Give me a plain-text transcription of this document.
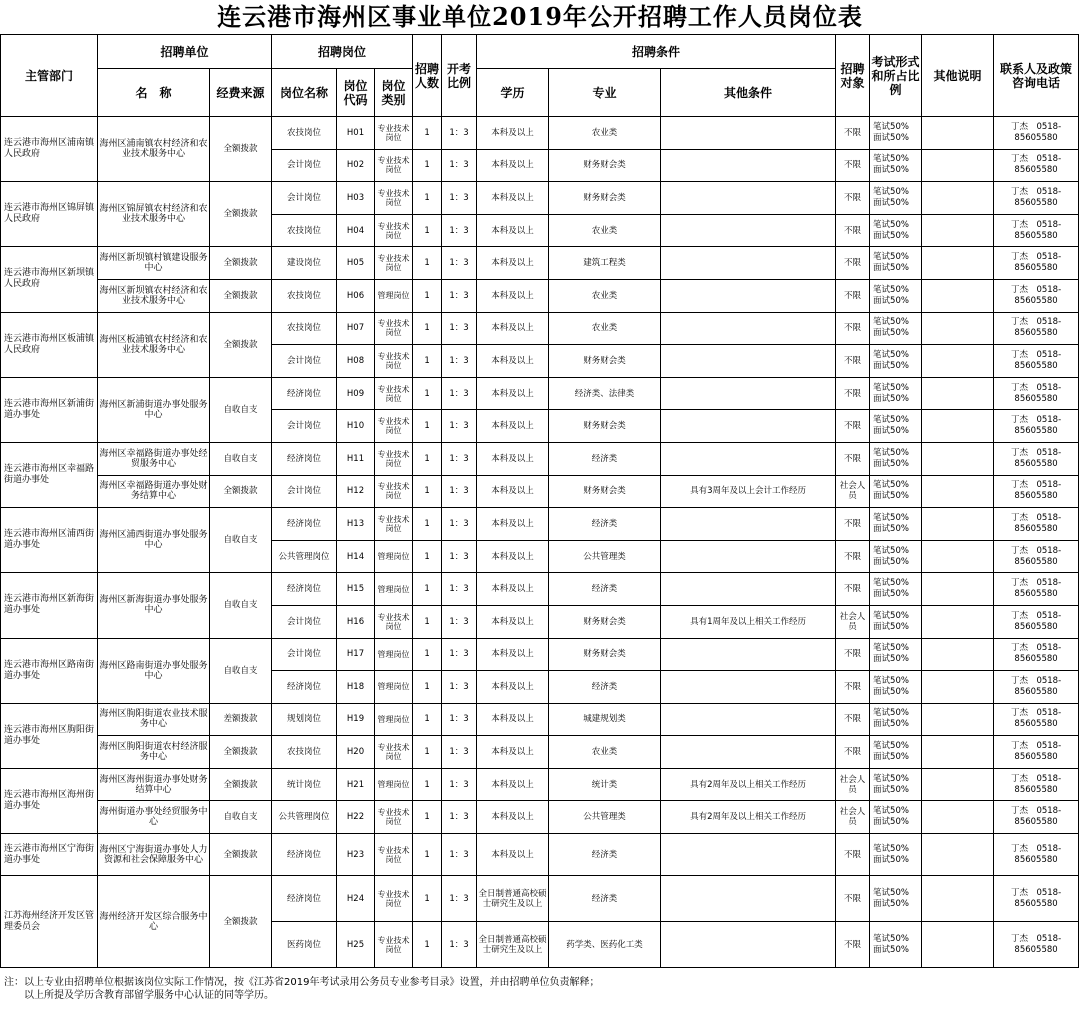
连云港市海州区事业单位2019年公开招聘工作人员岗位表
主管部门	招聘单位		招聘岗位			招聘人数	开考比例	招聘条件			招聘对象	考试形式和所占比例	其他说明	联系人及政策咨询电话
	名　称	经费来源	岗位名称	岗位代码	岗位类别			学历	专业	其他条件				
连云港市海州区浦南镇人民政府	海州区浦南镇农村经济和农业技术服务中心	全额拨款	农技岗位	H01	专业技术岗位	1	1：3	本科及以上	农业类		不限	笔试50%　面试50%		丁杰　0518-85605580
			会计岗位	H02	专业技术岗位	1	1：3	本科及以上	财务财会类		不限	笔试50%　面试50%		丁杰　0518-85605580
连云港市海州区锦屏镇人民政府	海州区锦屏镇农村经济和农业技术服务中心	全额拨款	会计岗位	H03	专业技术岗位	1	1：3	本科及以上	财务财会类		不限	笔试50%　面试50%		丁杰　0518-85605580
			农技岗位	H04	专业技术岗位	1	1：3	本科及以上	农业类		不限	笔试50%　面试50%		丁杰　0518-85605580
连云港市海州区新坝镇人民政府	海州区新坝镇村镇建设服务中心	全额拨款	建设岗位	H05	专业技术岗位	1	1：3	本科及以上	建筑工程类		不限	笔试50%　面试50%		丁杰　0518-85605580
	海州区新坝镇农村经济和农业技术服务中心	全额拨款	农技岗位	H06	管理岗位	1	1：3	本科及以上	农业类		不限	笔试50%　面试50%		丁杰　0518-85605580
连云港市海州区板浦镇人民政府	海州区板浦镇农村经济和农业技术服务中心	全额拨款	农技岗位	H07	专业技术岗位	1	1：3	本科及以上	农业类		不限	笔试50%　面试50%		丁杰　0518-85605580
			会计岗位	H08	专业技术岗位	1	1：3	本科及以上	财务财会类		不限	笔试50%　面试50%		丁杰　0518-85605580
连云港市海州区新浦街道办事处	海州区新浦街道办事处服务中心	自收自支	经济岗位	H09	专业技术岗位	1	1：3	本科及以上	经济类、法律类		不限	笔试50%　面试50%		丁杰　0518-85605580
			会计岗位	H10	专业技术岗位	1	1：3	本科及以上	财务财会类		不限	笔试50%　面试50%		丁杰　0518-85605580
连云港市海州区幸福路街道办事处	海州区幸福路街道办事处经贸服务中心	自收自支	经济岗位	H11	专业技术岗位	1	1：3	本科及以上	经济类		不限	笔试50%　面试50%		丁杰　0518-85605580
	海州区幸福路街道办事处财务结算中心	全额拨款	会计岗位	H12	专业技术岗位	1	1：3	本科及以上	财务财会类	具有3周年及以上会计工作经历	社会人员	笔试50%　面试50%		丁杰　0518-85605580
连云港市海州区浦西街道办事处	海州区浦西街道办事处服务中心	自收自支	经济岗位	H13	专业技术岗位	1	1：3	本科及以上	经济类		不限	笔试50%　面试50%		丁杰　0518-85605580
			公共管理岗位	H14	管理岗位	1	1：3	本科及以上	公共管理类		不限	笔试50%　面试50%		丁杰　0518-85605580
连云港市海州区新海街道办事处	海州区新海街道办事处服务中心	自收自支	经济岗位	H15	管理岗位	1	1：3	本科及以上	经济类		不限	笔试50%　面试50%		丁杰　0518-85605580
			会计岗位	H16	专业技术岗位	1	1：3	本科及以上	财务财会类	具有1周年及以上相关工作经历	社会人员	笔试50%　面试50%		丁杰　0518-85605580
连云港市海州区路南街道办事处	海州区路南街道办事处服务中心	自收自支	会计岗位	H17	管理岗位	1	1：3	本科及以上	财务财会类		不限	笔试50%　面试50%		丁杰　0518-85605580
			经济岗位	H18	管理岗位	1	1：3	本科及以上	经济类		不限	笔试50%　面试50%		丁杰　0518-85605580
连云港市海州区朐阳街道办事处	海州区朐阳街道农业技术服务中心	差额拨款	规划岗位	H19	管理岗位	1	1：3	本科及以上	城建规划类		不限	笔试50%　面试50%		丁杰　0518-85605580
	海州区朐阳街道农村经济服务中心	全额拨款	农技岗位	H20	专业技术岗位	1	1：3	本科及以上	农业类		不限	笔试50%　面试50%		丁杰　0518-85605580
连云港市海州区海州街道办事处	海州区海州街道办事处财务结算中心	全额拨款	统计岗位	H21	管理岗位	1	1：3	本科及以上	统计类	具有2周年及以上相关工作经历	社会人员	笔试50%　面试50%		丁杰　0518-85605580
	海州街道办事处经贸服务中心	自收自支	公共管理岗位	H22	专业技术岗位	1	1：3	本科及以上	公共管理类	具有2周年及以上相关工作经历	社会人员	笔试50%　面试50%		丁杰　0518-85605580
连云港市海州区宁海街道办事处	海州区宁海街道办事处人力资源和社会保障服务中心	全额拨款	经济岗位	H23	专业技术岗位	1	1：3	本科及以上	经济类		不限	笔试50%　面试50%		丁杰　0518-85605580
江苏海州经济开发区管理委员会	海州经济开发区综合服务中心	全额拨款	经济岗位	H24	专业技术岗位	1	1：3	全日制普通高校硕士研究生及以上	经济类		不限	笔试50%　面试50%		丁杰　0518-85605580
			医药岗位	H25	专业技术岗位	1	1：3	全日制普通高校硕士研究生及以上	药学类、医药化工类		不限	笔试50%　面试50%		丁杰　0518-85605580
注：以上专业由招聘单位根据该岗位实际工作情况，按《江苏省2019年考试录用公务员专业参考目录》设置，并由招聘单位负责解释；
以上所提及学历含教育部留学服务中心认证的同等学历。
